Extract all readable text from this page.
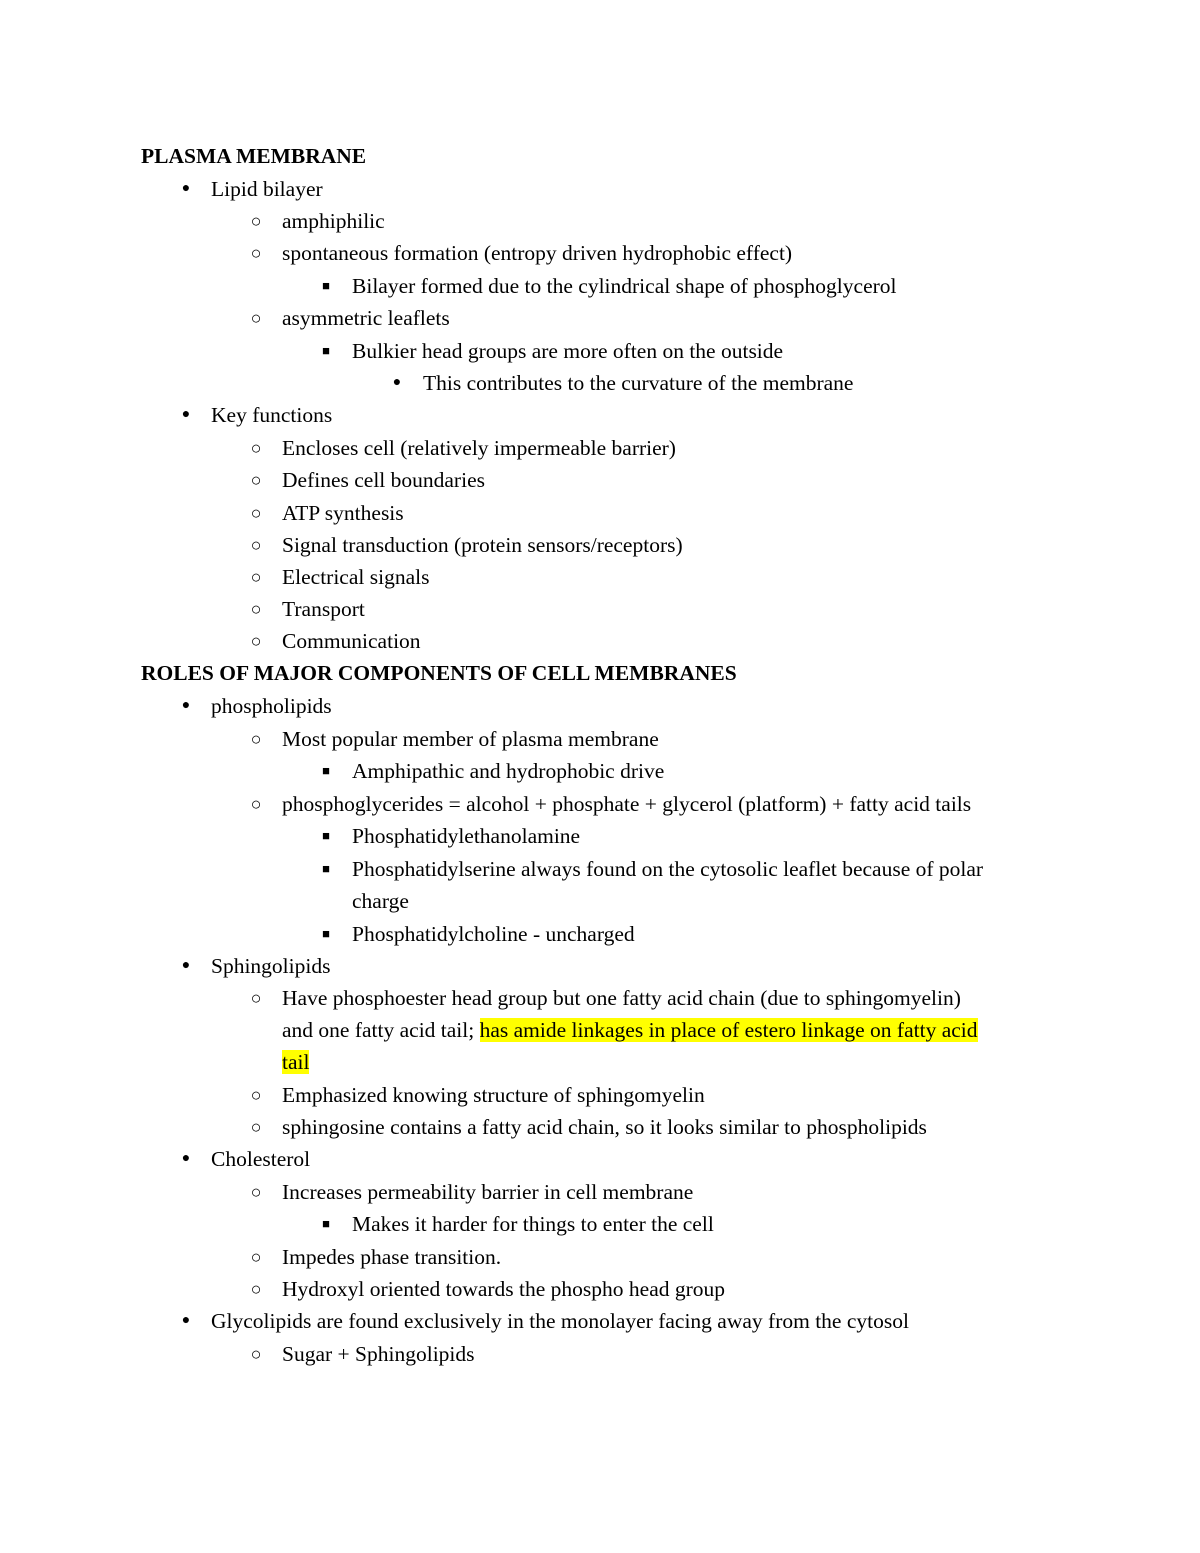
PLASMA MEMBRANE
● Lipid bilayer
○ amphiphilic
○ spontaneous formation (entropy driven hydrophobic effect)
■ Bilayer formed due to the cylindrical shape of phosphoglycerol
○ asymmetric leaflets
■ Bulkier head groups are more often on the outside
● This contributes to the curvature of the membrane
● Key functions
○ Encloses cell (relatively impermeable barrier)
○ Defines cell boundaries
○ ATP synthesis
○ Signal transduction (protein sensors/receptors)
○ Electrical signals
○ Transport
○ Communication
ROLES OF MAJOR COMPONENTS OF CELL MEMBRANES
● phospholipids
○ Most popular member of plasma membrane
■ Amphipathic and hydrophobic drive
○ phosphoglycerides = alcohol + phosphate + glycerol (platform) + fatty acid tails
■ Phosphatidylethanolamine
■ Phosphatidylserine always found on the cytosolic leaflet because of polar
charge
■ Phosphatidylcholine - uncharged
● Sphingolipids
○ Have phosphoester head group but one fatty acid chain (due to sphingomyelin)
and one fatty acid tail; has amide linkages in place of estero linkage on fatty acid
tail
○ Emphasized knowing structure of sphingomyelin
○ sphingosine contains a fatty acid chain, so it looks similar to phospholipids
● Cholesterol
○ Increases permeability barrier in cell membrane
■ Makes it harder for things to enter the cell
○ Impedes phase transition.
○ Hydroxyl oriented towards the phospho head group
● Glycolipids are found exclusively in the monolayer facing away from the cytosol
○ Sugar + Sphingolipids
